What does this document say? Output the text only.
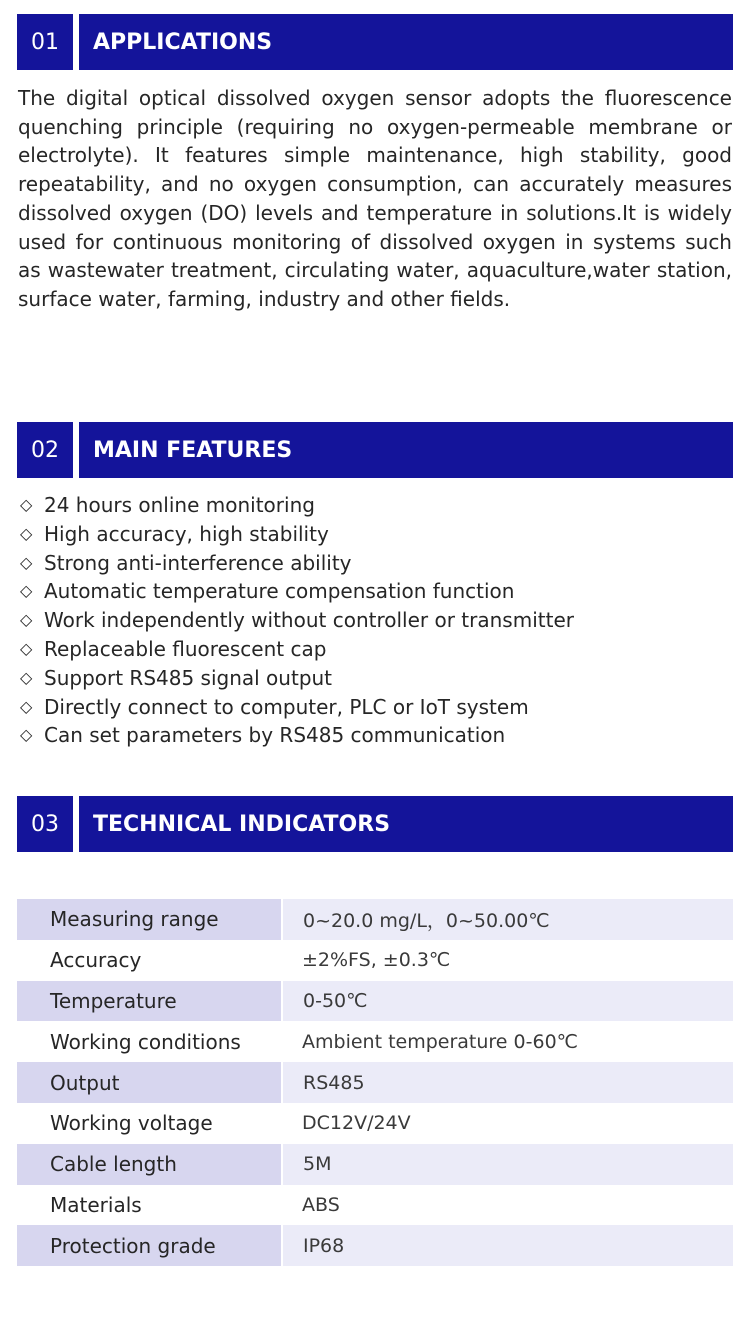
01	APPLICATIONS

The digital optical dissolved oxygen sensor adopts the fluorescence quenching principle (requiring no oxygen-permeable membrane or electrolyte). It features simple maintenance, high stability, good repeatability, and no oxygen consumption, can accurately measures dissolved oxygen (DO) levels and temperature in solutions.It is widely used for continuous monitoring of dissolved oxygen in systems such as wastewater treatment, circulating water, aquaculture,water station, surface water, farming, industry and other fields.

02	MAIN FEATURES
◇ 24 hours online monitoring
◇ High accuracy, high stability
◇ Strong anti-interference ability
◇ Automatic temperature compensation function
◇ Work independently without controller or transmitter
◇ Replaceable fluorescent cap
◇ Support RS485 signal output
◇ Directly connect to computer, PLC or IoT system
◇ Can set parameters by RS485 communication
03	TECHNICAL INDICATORS
Measuring range	0~20.0 mg/L，0~50.00℃
Accuracy	±2%FS, ±0.3℃
Temperature	0-50℃
Working conditions	Ambient temperature 0-60℃
Output	RS485
Working voltage	DC12V/24V
Cable length	5M
Materials	ABS
Protection grade	IP68
